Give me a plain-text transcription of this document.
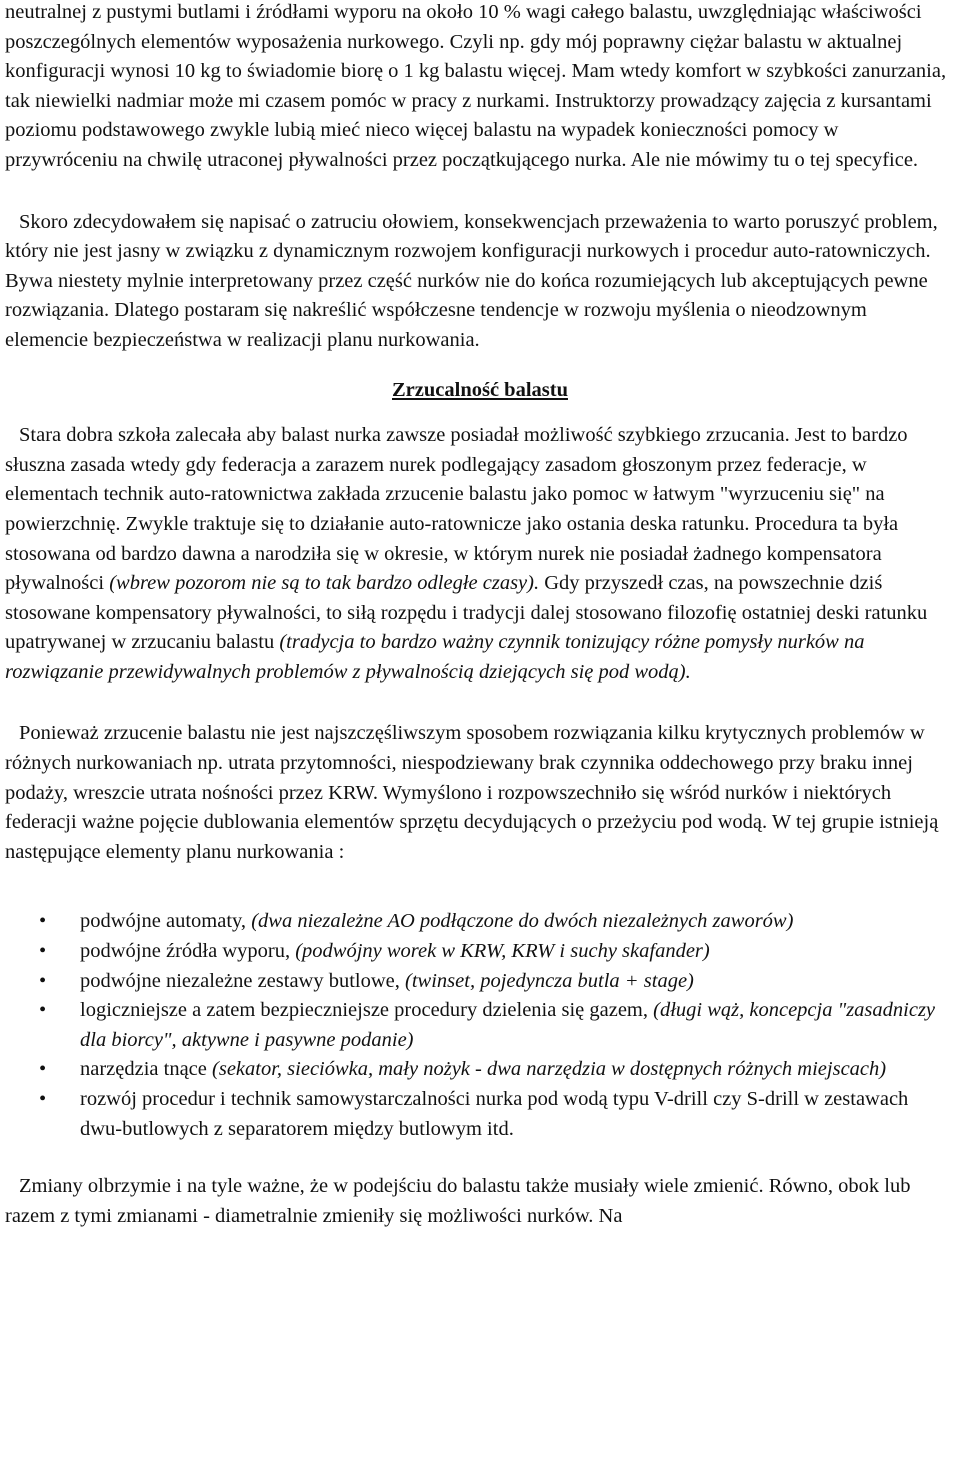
neutralnej z pustymi butlami i źródłami wyporu na około 10 % wagi całego balastu, uwzględniając właściwości poszczególnych elementów wyposażenia nurkowego. Czyli np. gdy mój poprawny ciężar balastu w aktualnej konfiguracji wynosi 10 kg to świadomie biorę o 1 kg balastu więcej. Mam wtedy komfort w szybkości zanurzania, tak niewielki nadmiar może mi czasem pomóc w pracy z nurkami. Instruktorzy prowadzący zajęcia z kursantami poziomu podstawowego zwykle lubią mieć nieco więcej balastu na wypadek konieczności pomocy w przywróceniu na chwilę utraconej pływalności przez początkującego nurka. Ale nie mówimy tu o tej specyfice.

Skoro zdecydowałem się napisać o zatruciu ołowiem, konsekwencjach przeważenia to warto poruszyć problem, który nie jest jasny w związku z dynamicznym rozwojem konfiguracji nurkowych i procedur auto-ratowniczych. Bywa niestety mylnie interpretowany przez część nurków nie do końca rozumiejących lub akceptujących pewne rozwiązania. Dlatego postaram się nakreślić współczesne tendencje w rozwoju myślenia o nieodzownym elemencie bezpieczeństwa w realizacji planu nurkowania.

Zrzucalność balastu

Stara dobra szkoła zalecała aby balast nurka zawsze posiadał możliwość szybkiego zrzucania. Jest to bardzo słuszna zasada wtedy gdy federacja a zarazem nurek podlegający zasadom głoszonym przez federacje, w elementach technik auto-ratownictwa zakłada zrzucenie balastu jako pomoc w łatwym "wyrzuceniu się" na powierzchnię. Zwykle traktuje się to działanie auto-ratownicze jako ostania deska ratunku. Procedura ta była stosowana od bardzo dawna a narodziła się w okresie, w którym nurek nie posiadał żadnego kompensatora pływalności (wbrew pozorom nie są to tak bardzo odległe czasy). Gdy przyszedł czas, na powszechnie dziś stosowane kompensatory pływalności, to siłą rozpędu i tradycji dalej stosowano filozofię ostatniej deski ratunku upatrywanej w zrzucaniu balastu (tradycja to bardzo ważny czynnik tonizujący różne pomysły nurków na rozwiązanie przewidywalnych problemów z pływalnością dziejących się pod wodą).

Ponieważ zrzucenie balastu nie jest najszczęśliwszym sposobem rozwiązania kilku krytycznych problemów w różnych nurkowaniach np. utrata przytomności, niespodziewany brak czynnika oddechowego przy braku innej podaży, wreszcie utrata nośności przez KRW. Wymyślono i rozpowszechniło się wśród nurków i niektórych federacji ważne pojęcie dublowania elementów sprzętu decydujących o przeżyciu pod wodą. W tej grupie istnieją następujące elementy planu nurkowania :

• podwójne automaty, (dwa niezależne AO podłączone do dwóch niezależnych zaworów)
• podwójne źródła wyporu, (podwójny worek w KRW, KRW i suchy skafander)
• podwójne niezależne zestawy butlowe, (twinset, pojedyncza butla + stage)
• logiczniejsze a zatem bezpieczniejsze procedury dzielenia się gazem, (długi wąż, koncepcja "zasadniczy dla biorcy", aktywne i pasywne podanie)
• narzędzia tnące (sekator, sieciówka, mały nożyk - dwa narzędzia w dostępnych różnych miejscach)
• rozwój procedur i technik samowystarczalności nurka pod wodą typu V-drill czy S-drill w zestawach dwu-butlowych z separatorem między butlowym itd.

Zmiany olbrzymie i na tyle ważne, że w podejściu do balastu także musiały wiele zmienić. Równo, obok lub razem z tymi zmianami - diametralnie zmieniły się możliwości nurków. Na
